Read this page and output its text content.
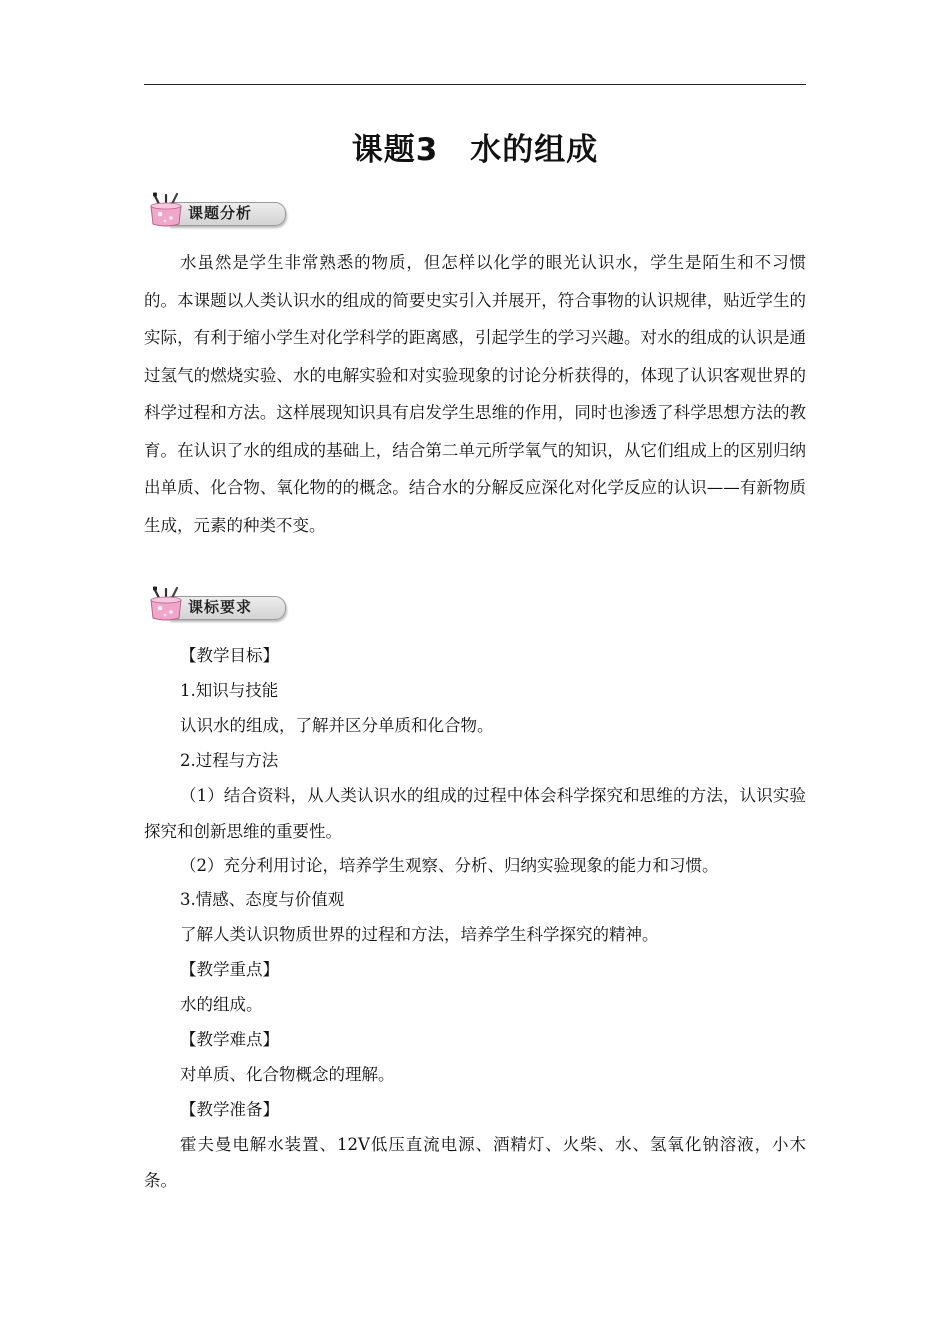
课题3　水的组成
课题分析

水虽然是学生非常熟悉的物质，但怎样以化学的眼光认识水，学生是陌生和不习惯的。本课题以人类认识水的组成的简要史实引入并展开，符合事物的认识规律，贴近学生的实际，有利于缩小学生对化学科学的距离感，引起学生的学习兴趣。对水的组成的认识是通过氢气的燃烧实验、水的电解实验和对实验现象的讨论分析获得的，体现了认识客观世界的科学过程和方法。这样展现知识具有启发学生思维的作用，同时也渗透了科学思想方法的教育。在认识了水的组成的基础上，结合第二单元所学氧气的知识，从它们组成上的区别归纳出单质、化合物、氧化物的的概念。结合水的分解反应深化对化学反应的认识——有新物质生成，元素的种类不变。

课标要求

【教学目标】

1.知识与技能

认识水的组成，了解并区分单质和化合物。

2.过程与方法

（1）结合资料，从人类认识水的组成的过程中体会科学探究和思维的方法，认识实验探究和创新思维的重要性。

（2）充分利用讨论，培养学生观察、分析、归纳实验现象的能力和习惯。

3.情感、态度与价值观

了解人类认识物质世界的过程和方法，培养学生科学探究的精神。

【教学重点】

水的组成。

【教学难点】

对单质、化合物概念的理解。

【教学准备】

霍夫曼电解水装置、12V低压直流电源、酒精灯、火柴、水、氢氧化钠溶液，小木条。
